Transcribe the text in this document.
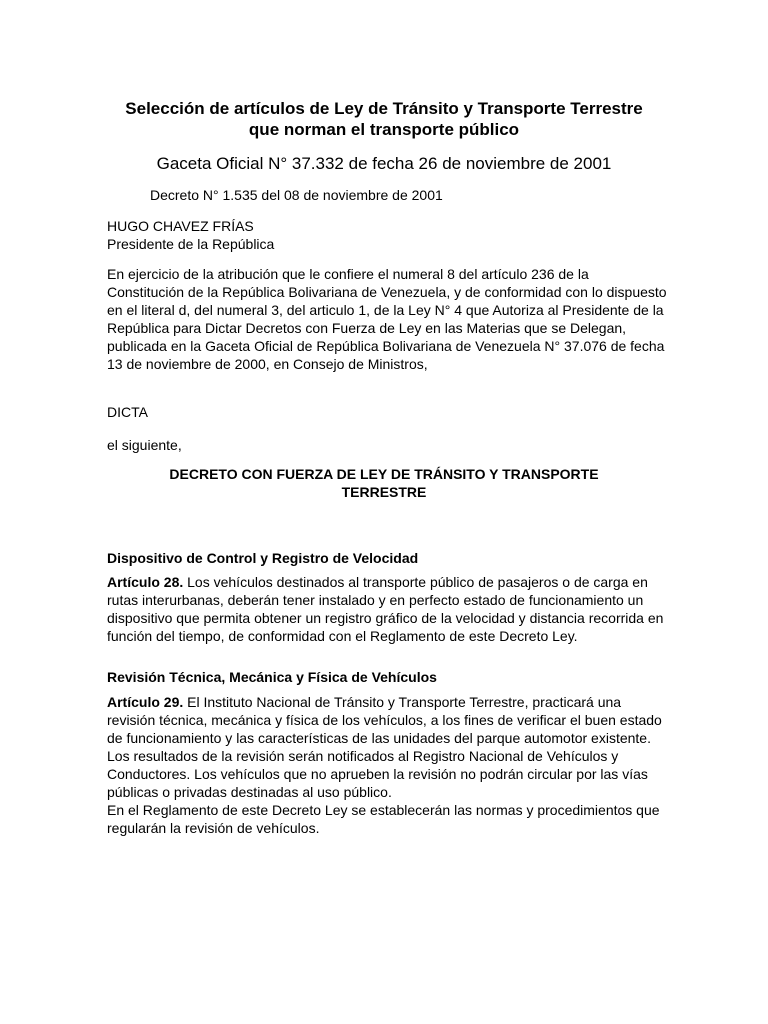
Selección de artículos de Ley de Tránsito y Transporte Terrestre
que norman el transporte público
Gaceta Oficial N° 37.332 de fecha 26 de noviembre de 2001
Decreto N° 1.535 del 08 de noviembre de 2001
HUGO CHAVEZ FRÍAS
Presidente de la República
En ejercicio de la atribución que le confiere el numeral 8 del artículo 236 de la Constitución de la República Bolivariana de Venezuela, y de conformidad con lo dispuesto en el literal d, del numeral 3, del articulo 1, de la Ley N° 4 que Autoriza al Presidente de la República para Dictar Decretos con Fuerza de Ley en las Materias que se Delegan, publicada en la Gaceta Oficial de República Bolivariana de Venezuela N° 37.076 de fecha 13 de noviembre de 2000, en Consejo de Ministros,
DICTA
el siguiente,
DECRETO CON FUERZA DE LEY DE TRÁNSITO Y TRANSPORTE
TERRESTRE
Dispositivo de Control y Registro de Velocidad
Artículo 28. Los vehículos destinados al transporte público de pasajeros o de carga en rutas interurbanas, deberán tener instalado y en perfecto estado de funcionamiento un dispositivo que permita obtener un registro gráfico de la velocidad y distancia recorrida en función del tiempo, de conformidad con el Reglamento de este Decreto Ley.
Revisión Técnica, Mecánica y Física de Vehículos
Artículo 29. El Instituto Nacional de Tránsito y Transporte Terrestre, practicará una revisión técnica, mecánica y física de los vehículos, a los fines de verificar el buen estado de funcionamiento y las características de las unidades del parque automotor existente. Los resultados de la revisión serán notificados al Registro Nacional de Vehículos y Conductores. Los vehículos que no aprueben la revisión no podrán circular por las vías públicas o privadas destinadas al uso público.
En el Reglamento de este Decreto Ley se establecerán las normas y procedimientos que regularán la revisión de vehículos.
